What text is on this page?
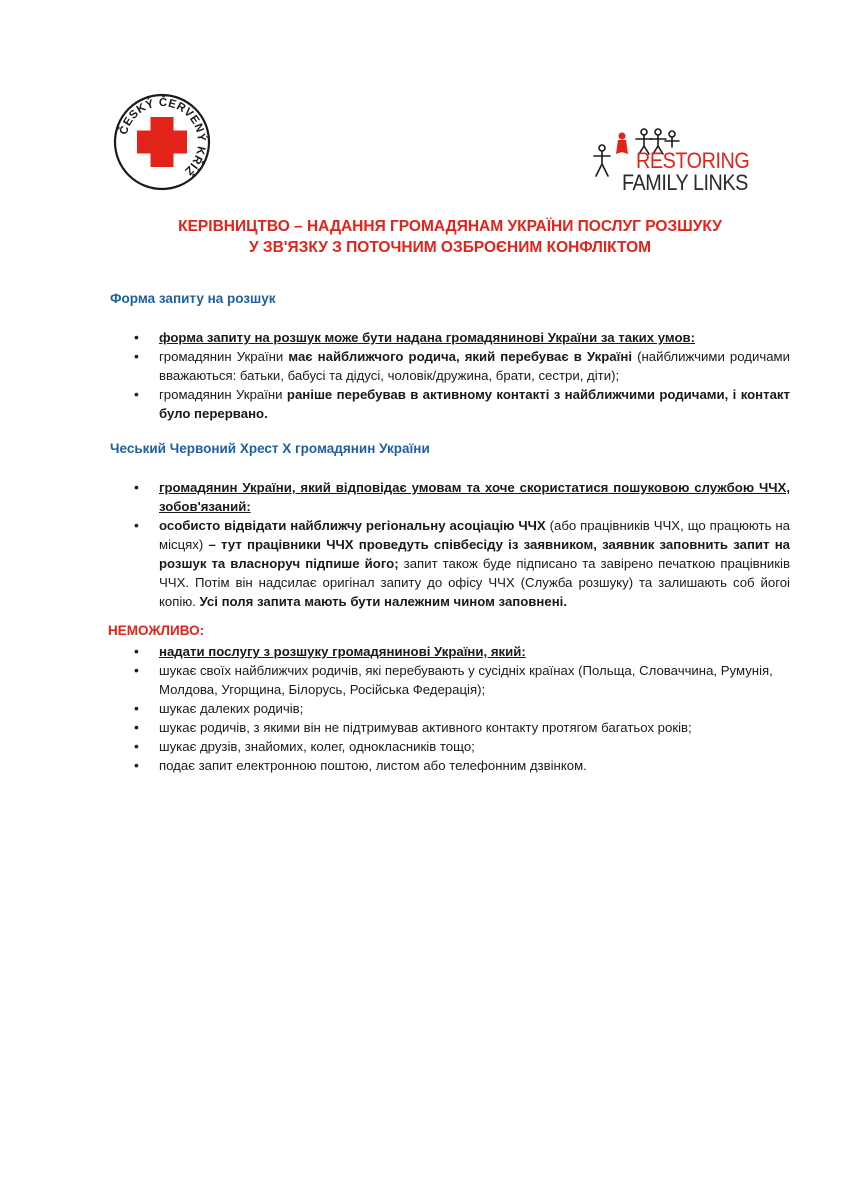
ČESKÝ ČERVENÝ KŘÍŽ	RESTORING
FAMILY LINKS
КЕРІВНИЦТВО – НАДАННЯ ГРОМАДЯНАМ УКРАЇНИ ПОСЛУГ РОЗШУКУ
У ЗВ'ЯЗКУ З ПОТОЧНИМ ОЗБРОЄНИМ КОНФЛІКТОМ
Форма запиту на розшук
• форма запиту на розшук може бути надана громадянинові України за таких умов:
• громадянин України має найближчого родича, який перебуває в Україні (найближчими родичами вважаються: батьки, бабусі та дідусі, чоловік/дружина, брати, сестри, діти);
• громадянин України раніше перебував в активному контакті з найближчими родичами, і контакт було перервано.
Чеський Червоний Хрест Х громадянин України
• громадянин України, який відповідає умовам та хоче скористатися пошуковою службою ЧЧХ, зобов'язаний:
• особисто відвідати найближчу регіональну асоціацію ЧЧХ (або працівників ЧЧХ, що працюють на місцях) – тут працівники ЧЧХ проведуть співбесіду із заявником, заявник заповнить запит на розшук та власноруч підпише його; запит також буде підписано та завірено печаткою працівників ЧЧХ. Потім він надсилає оригінал запиту до офісу ЧЧХ (Служба розшуку) та залишають соб йогоі копію. Усі поля запита мають бути належним чином заповнені.
НЕМОЖЛИВО:
• надати послугу з розшуку громадянинові України, який:
• шукає своїх найближчих родичів, які перебувають у сусідніх країнах (Польща, Словаччина, Румунія, Молдова, Угорщина, Білорусь, Російська Федерація);
• шукає далеких родичів;
• шукає родичів, з якими він не підтримував активного контакту протягом багатьох років;
• шукає друзів, знайомих, колег, однокласників тощо;
• подає запит електронною поштою, листом або телефонним дзвінком.
